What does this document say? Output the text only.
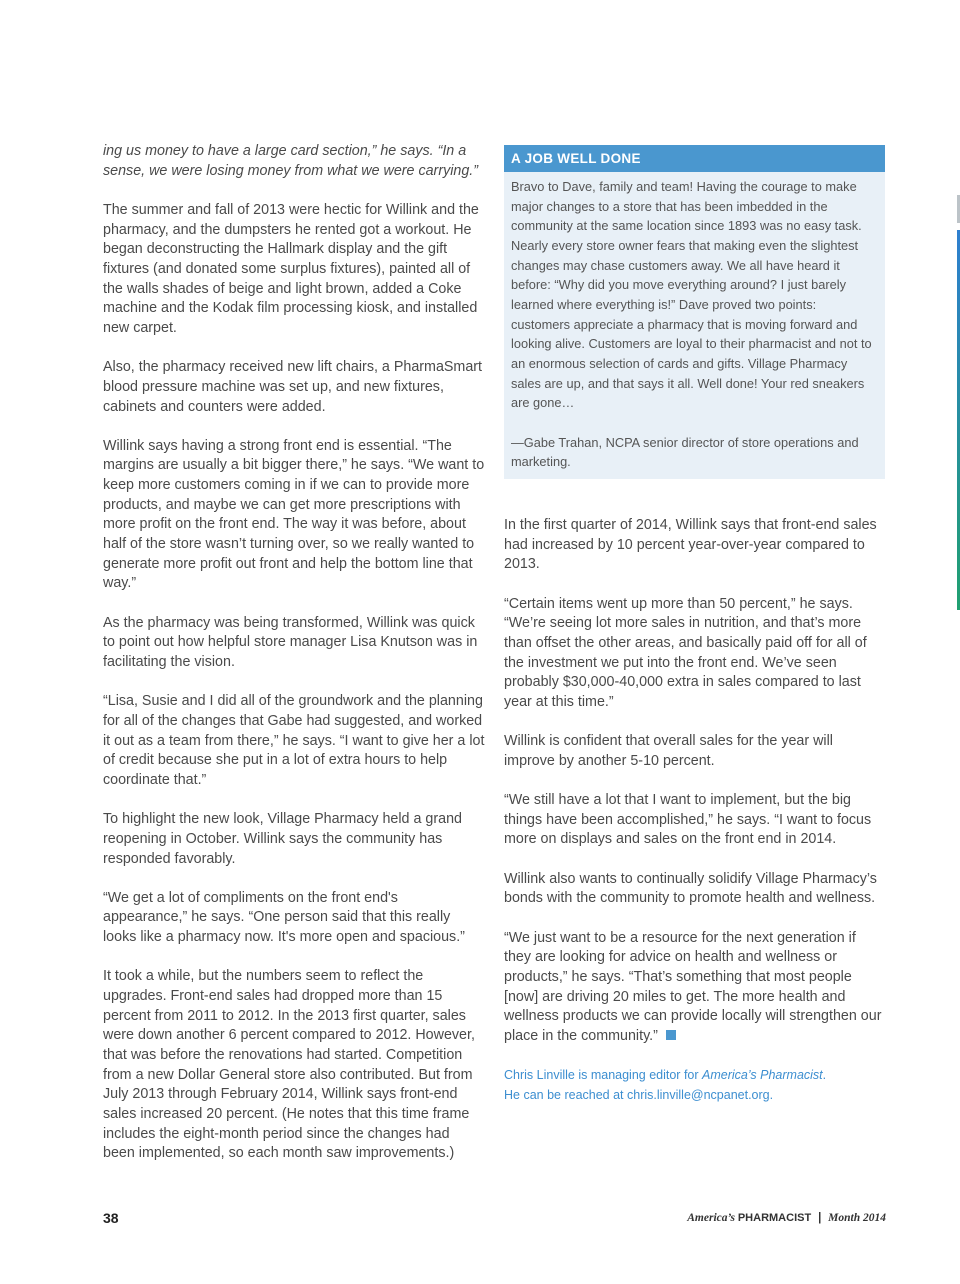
ing us money to have a large card section,” he says. “In a sense, we were losing money from what we were carrying.”

The summer and fall of 2013 were hectic for Willink and the pharmacy, and the dumpsters he rented got a workout. He began deconstructing the Hallmark display and the gift fixtures (and donated some surplus fixtures), painted all of the walls shades of beige and light brown, added a Coke machine and the Kodak film processing kiosk, and installed new carpet.

Also, the pharmacy received new lift chairs, a PharmaSmart blood pressure machine was set up, and new fixtures, cabinets and counters were added.

Willink says having a strong front end is essential. “The margins are usually a bit bigger there,” he says. “We want to keep more customers coming in if we can to provide more products, and maybe we can get more prescriptions with more profit on the front end. The way it was before, about half of the store wasn’t turning over, so we really wanted to generate more profit out front and help the bottom line that way.”

As the pharmacy was being transformed, Willink was quick to point out how helpful store manager Lisa Knutson was in facilitating the vision.

“Lisa, Susie and I did all of the groundwork and the planning for all of the changes that Gabe had suggested, and worked it out as a team from there,” he says. “I want to give her a lot of credit because she put in a lot of extra hours to help coordinate that.”

To highlight the new look, Village Pharmacy held a grand reopening in October. Willink says the community has responded favorably.

“We get a lot of compliments on the front end's appearance,” he says. “One person said that this really looks like a pharmacy now. It's more open and spacious.”

It took a while, but the numbers seem to reflect the upgrades. Front-end sales had dropped more than 15 percent from 2011 to 2012. In the 2013 first quarter, sales were down another 6 percent compared to 2012. However, that was before the renovations had started. Competition from a new Dollar General store also contributed. But from July 2013 through February 2014, Willink says front-end sales increased 20 percent. (He notes that this time frame includes the eight-month period since the changes had been implemented, so each month saw improvements.)

A JOB WELL DONE

Bravo to Dave, family and team! Having the courage to make major changes to a store that has been imbedded in the community at the same location since 1893 was no easy task. Nearly every store owner fears that making even the slightest changes may chase customers away. We all have heard it before: “Why did you move everything around? I just barely learned where everything is!” Dave proved two points: customers appreciate a pharmacy that is moving forward and looking alive. Customers are loyal to their pharmacist and not to an enormous selection of cards and gifts. Village Pharmacy sales are up, and that says it all. Well done! Your red sneakers are gone…

—Gabe Trahan, NCPA senior director of store operations and marketing.

In the first quarter of 2014, Willink says that front-end sales had increased by 10 percent year-over-year compared to 2013.

“Certain items went up more than 50 percent,” he says. “We’re seeing lot more sales in nutrition, and that’s more than offset the other areas, and basically paid off for all of the investment we put into the front end. We’ve seen probably $30,000-40,000 extra in sales compared to last year at this time.”

Willink is confident that overall sales for the year will improve by another 5-10 percent.

“We still have a lot that I want to implement, but the big things have been accomplished,” he says. “I want to focus more on displays and sales on the front end in 2014.

Willink also wants to continually solidify Village Pharmacy’s bonds with the community to promote health and wellness.

“We just want to be a resource for the next generation if they are looking for advice on health and wellness or products,” he says. “That’s something that most people [now] are driving 20 miles to get. The more health and wellness products we can provide locally will strengthen our place in the community.”

Chris Linville is managing editor for America’s Pharmacist.
He can be reached at chris.linville@ncpanet.org.
38	America’s PHARMACIST | Month 2014
